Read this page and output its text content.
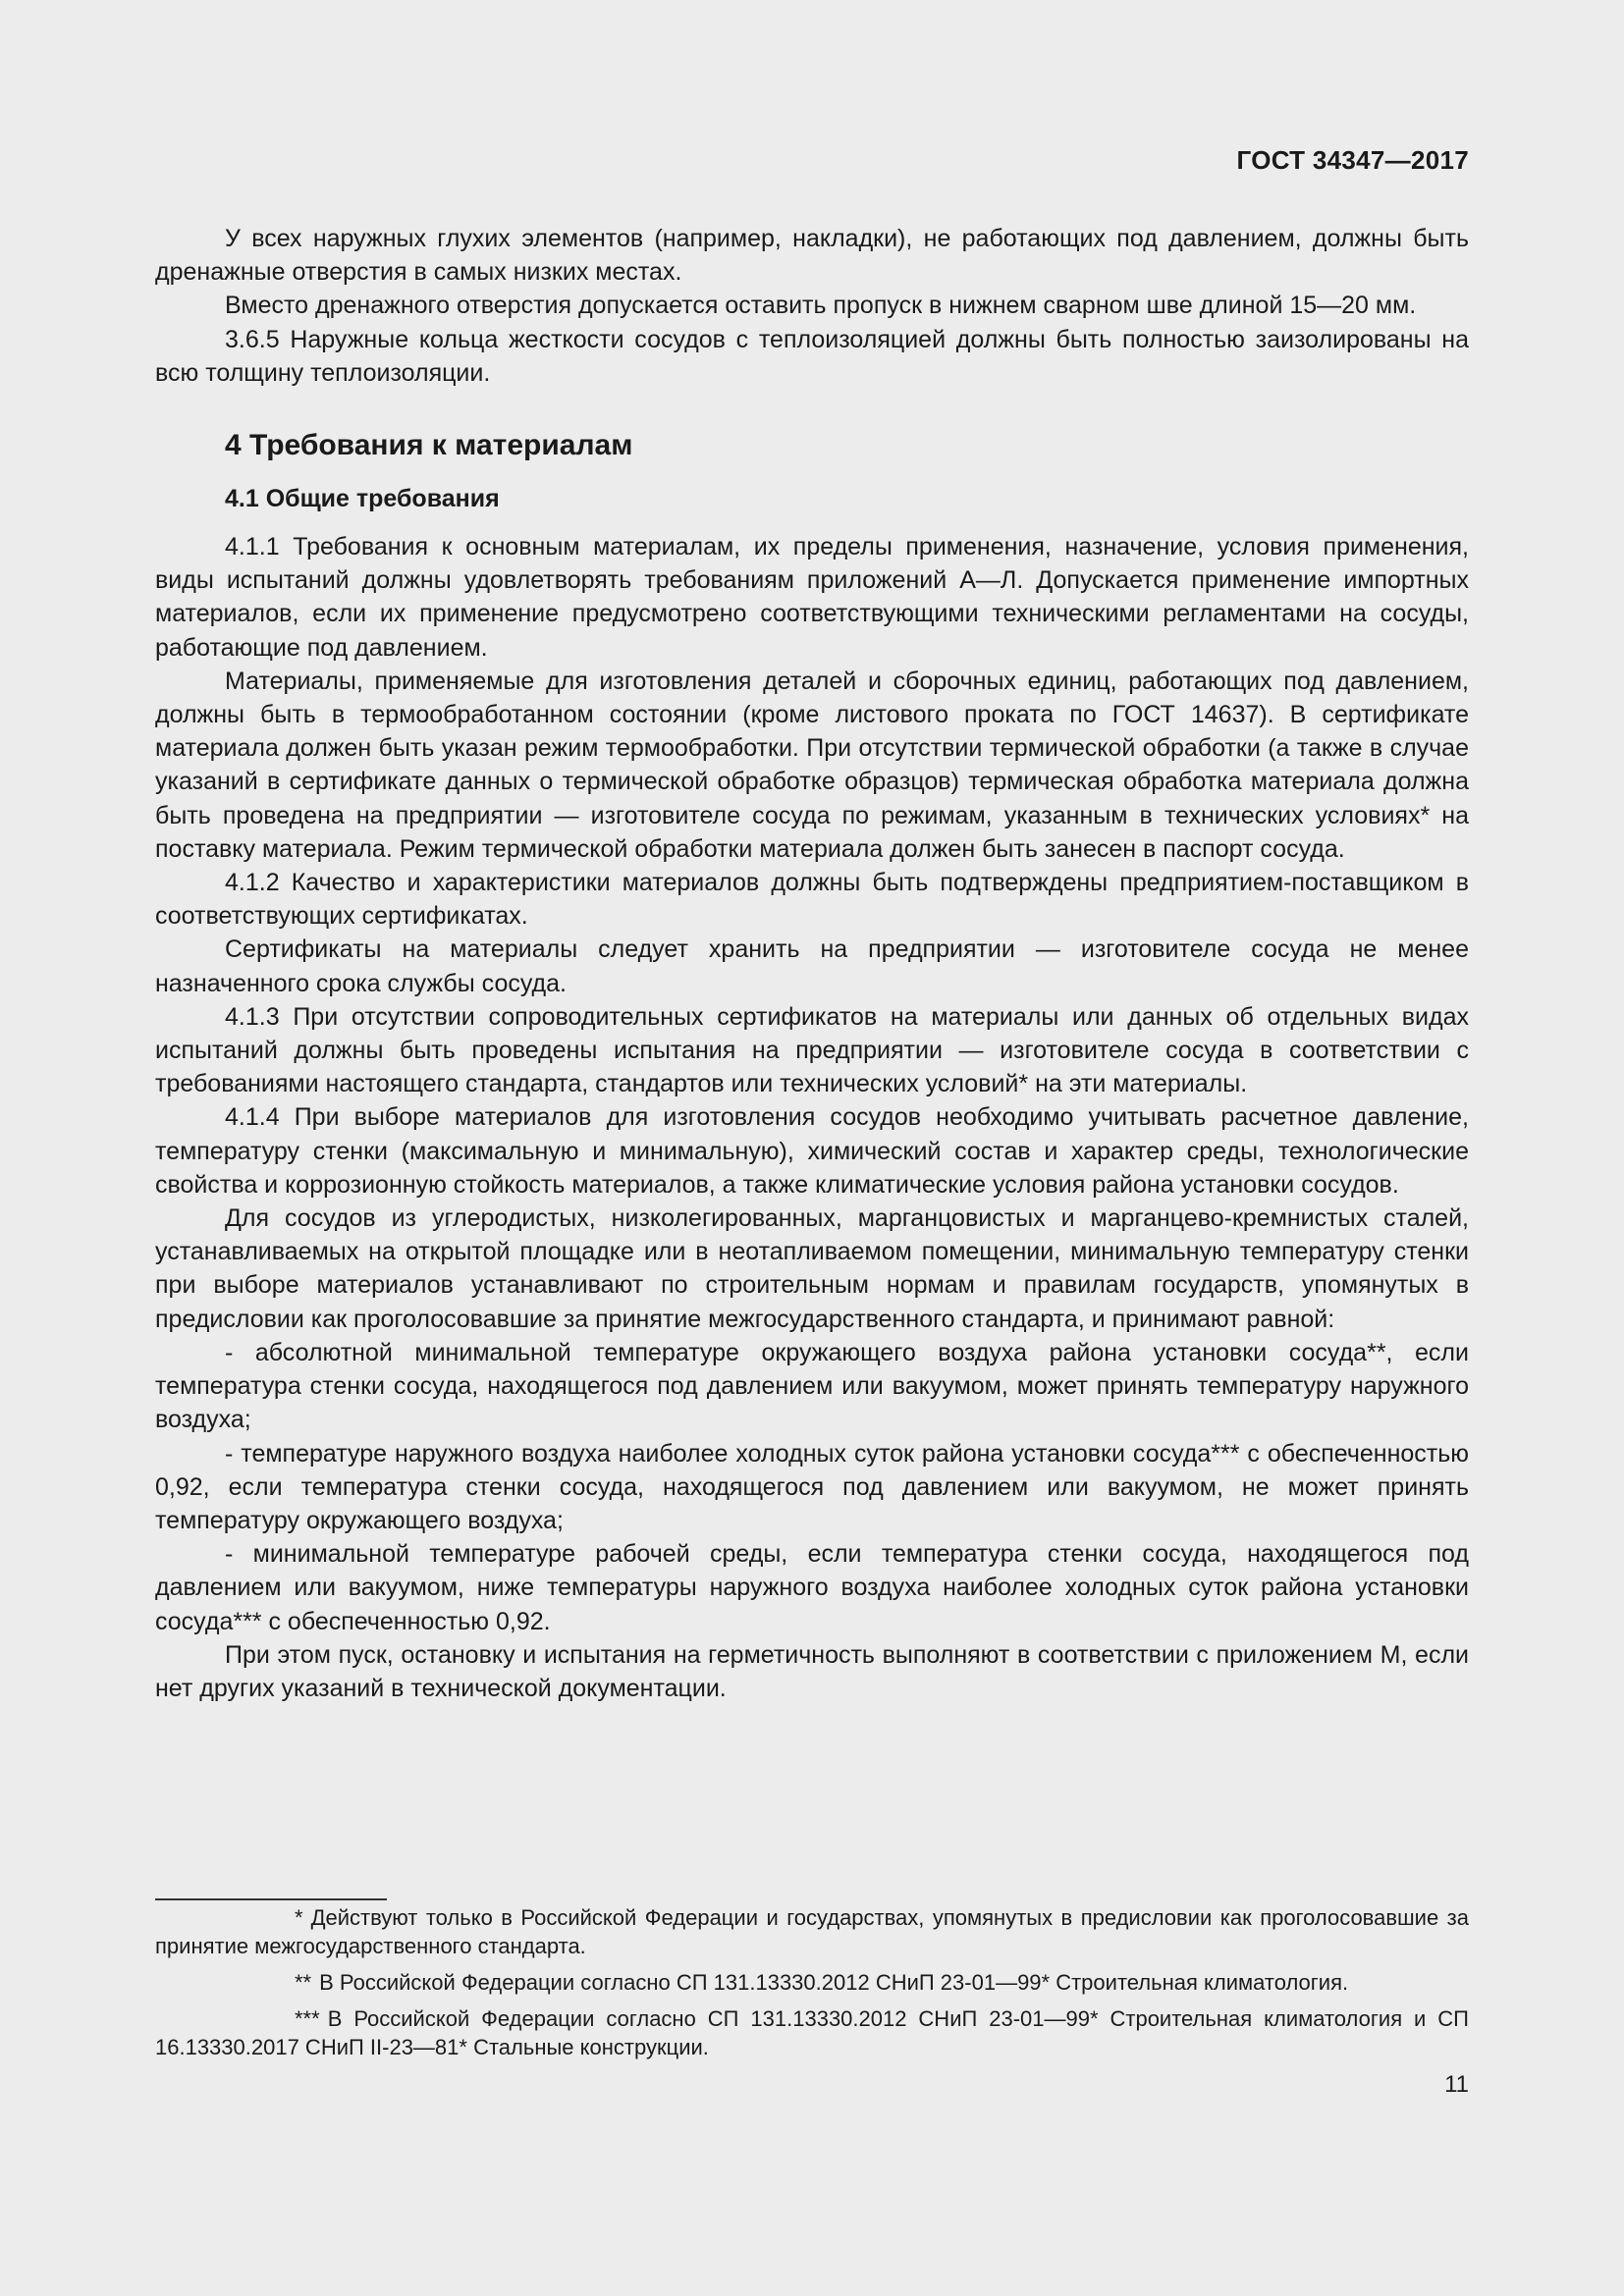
ГОСТ 34347—2017

У всех наружных глухих элементов (например, накладки), не работающих под давлением, должны быть дренажные отверстия в самых низких местах.

Вместо дренажного отверстия допускается оставить пропуск в нижнем сварном шве длиной 15—20 мм.

3.6.5 Наружные кольца жесткости сосудов с теплоизоляцией должны быть полностью заизолированы на всю толщину теплоизоляции.

4 Требования к материалам
4.1 Общие требования

4.1.1 Требования к основным материалам, их пределы применения, назначение, условия применения, виды испытаний должны удовлетворять требованиям приложений А—Л. Допускается применение импортных материалов, если их применение предусмотрено соответствующими техническими регламентами на сосуды, работающие под давлением.

Материалы, применяемые для изготовления деталей и сборочных единиц, работающих под давлением, должны быть в термообработанном состоянии (кроме листового проката по ГОСТ 14637). В сертификате материала должен быть указан режим термообработки. При отсутствии термической обработки (а также в случае указаний в сертификате данных о термической обработке образцов) термическая обработка материала должна быть проведена на предприятии — изготовителе сосуда по режимам, указанным в технических условиях* на поставку материала. Режим термической обработки материала должен быть занесен в паспорт сосуда.

4.1.2 Качество и характеристики материалов должны быть подтверждены предприятием-поставщиком в соответствующих сертификатах.

Сертификаты на материалы следует хранить на предприятии — изготовителе сосуда не менее назначенного срока службы сосуда.

4.1.3 При отсутствии сопроводительных сертификатов на материалы или данных об отдельных видах испытаний должны быть проведены испытания на предприятии — изготовителе сосуда в соответствии с требованиями настоящего стандарта, стандартов или технических условий* на эти материалы.

4.1.4 При выборе материалов для изготовления сосудов необходимо учитывать расчетное давление, температуру стенки (максимальную и минимальную), химический состав и характер среды, технологические свойства и коррозионную стойкость материалов, а также климатические условия района установки сосудов.

Для сосудов из углеродистых, низколегированных, марганцовистых и марганцево-кремнистых сталей, устанавливаемых на открытой площадке или в неотапливаемом помещении, минимальную температуру стенки при выборе материалов устанавливают по строительным нормам и правилам государств, упомянутых в предисловии как проголосовавшие за принятие межгосударственного стандарта, и принимают равной:

- абсолютной минимальной температуре окружающего воздуха района установки сосуда**, если температура стенки сосуда, находящегося под давлением или вакуумом, может принять температуру наружного воздуха;

- температуре наружного воздуха наиболее холодных суток района установки сосуда*** с обеспеченностью 0,92, если температура стенки сосуда, находящегося под давлением или вакуумом, не может принять температуру окружающего воздуха;

- минимальной температуре рабочей среды, если температура стенки сосуда, находящегося под давлением или вакуумом, ниже температуры наружного воздуха наиболее холодных суток района установки сосуда*** с обеспеченностью 0,92.

При этом пуск, остановку и испытания на герметичность выполняют в соответствии с приложением М, если нет других указаний в технической документации.

* Действуют только в Российской Федерации и государствах, упомянутых в предисловии как проголосовавшие за принятие межгосударственного стандарта.

** В Российской Федерации согласно СП 131.13330.2012 СНиП 23-01—99* Строительная климатология.

*** В Российской Федерации согласно СП 131.13330.2012 СНиП 23-01—99* Строительная климатология и СП 16.13330.2017 СНиП II-23—81* Стальные конструкции.

11
